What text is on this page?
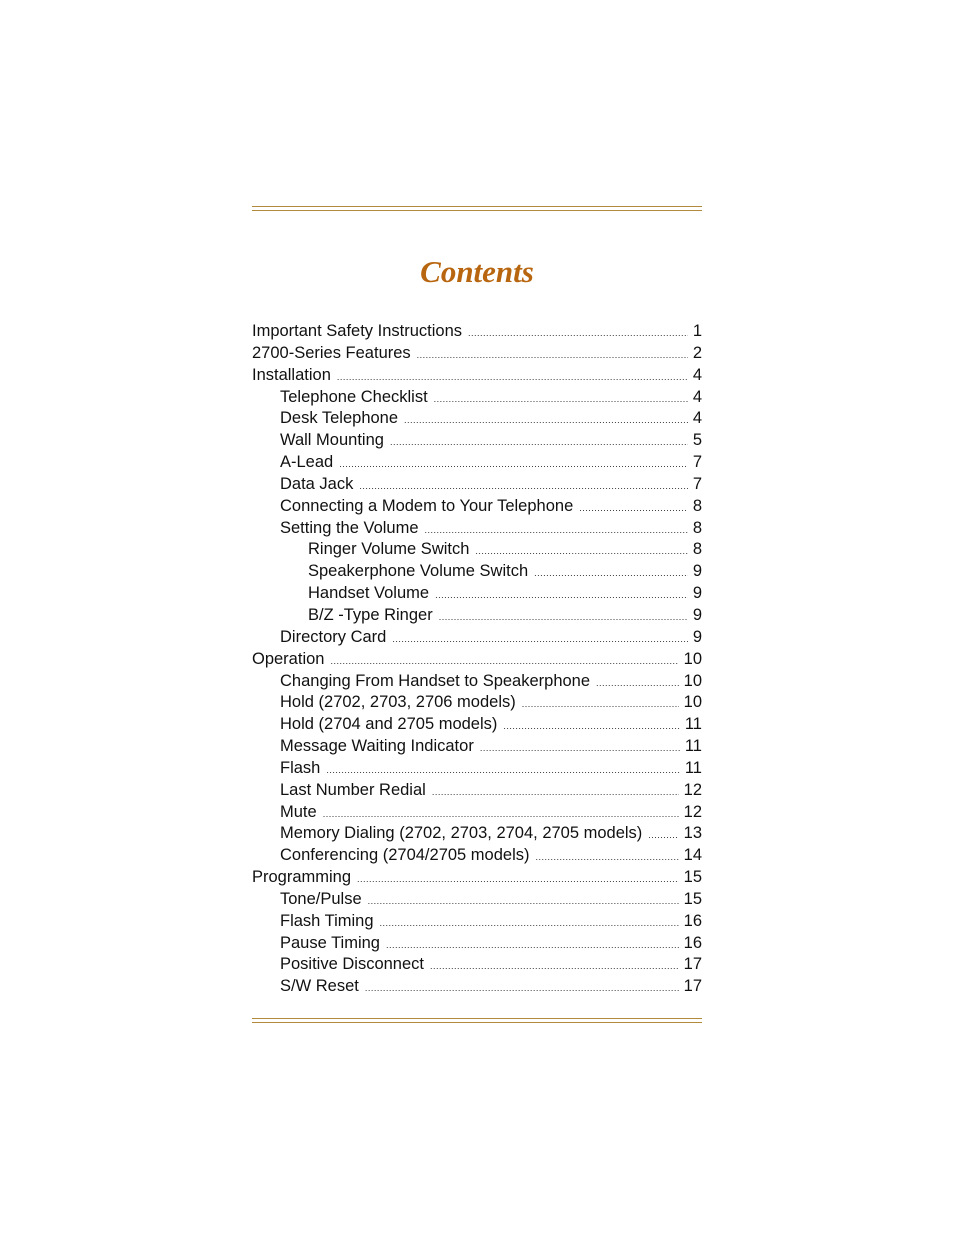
Contents
Important Safety Instructions .....	1
2700-Series Features .....	2
Installation .....	4
Telephone Checklist .....	4
Desk Telephone .....	4
Wall Mounting .....	5
A-Lead .....	7
Data Jack .....	7
Connecting a Modem to Your Telephone .....	8
Setting the Volume .....	8
Ringer Volume Switch .....	8
Speakerphone Volume Switch .....	9
Handset Volume .....	9
B/Z -Type Ringer .....	9
Directory Card .....	9
Operation .....	10
Changing From Handset to Speakerphone .....	10
Hold (2702, 2703, 2706 models) .....	10
Hold (2704 and 2705 models) .....	11
Message Waiting Indicator .....	11
Flash .....	11
Last Number Redial .....	12
Mute .....	12
Memory Dialing (2702, 2703, 2704, 2705 models) .....	13
Conferencing (2704/2705 models) .....	14
Programming .....	15
Tone/Pulse .....	15
Flash Timing .....	16
Pause Timing .....	16
Positive Disconnect .....	17
S/W Reset .....	17
